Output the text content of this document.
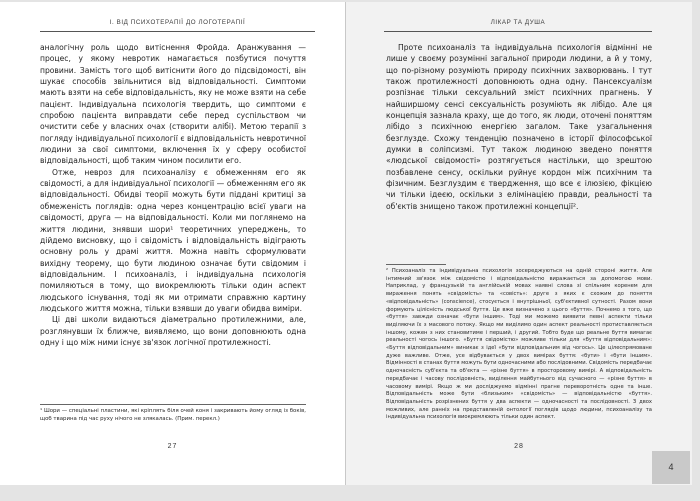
І. ВІД ПСИХОТЕРАПІЇ ДО ЛОГОТЕРАПІЇ

аналогічну роль щодо витіснення Фройда. Аранжування — процес, у якому невротик намагається позбутися почуття провини. Замість того щоб витіснити його до підсвідомості, він шукає способів звільнитися від відповідальності. Симптоми мають взяти на себе відповідальність, яку не може взяти на себе пацієнт. Індивідуальна психологія твердить, що симптоми є спробою пацієнта виправдати себе перед суспільством чи очистити себе у власних очах (створити алібі). Метою терапії з погляду індивідуальної психології є відповідальність невротичної людини за свої симптоми, включення їх у сферу особистої відповідальності, щоб таким чином посилити его.

Отже, невроз для психоаналізу є обмеженням его як свідомості, а для індивідуальної психології — обмеженням его як відповідальності. Обидві теорії можуть бути піддані критиці за обмеженість поглядів: одна через концентрацію всієї уваги на свідомості, друга — на відповідальності. Коли ми поглянемо на життя людини, знявши шори¹ теоретичних упереджень, то дійдемо висновку, що і свідомість і відповідальність відіграють основну роль у драмі життя. Можна навіть сформулювати вихідну теорему, що бути людиною означає бути свідомим і відповідальним. І психоаналіз, і індивідуальна психологія помиляються в тому, що виокремлюють тільки один аспект людського існування, тоді як ми отримати справжню картину людського життя можна, тільки взявши до уваги обидва виміри.

Ці дві школи видаються діаметрально протилежними, але, розглянувши їх ближче, виявляємо, що вони доповнюють одна одну і що між ними існує зв'язок логічної протилежності.

¹ Шори — спеціальні пластини, які кріплять біля очей коня і закривають йому огляд із боків, щоб тварина під час руху нічого не злякалась. (Прим. перекл.)
27
ЛІКАР ТА ДУША

Проте психоаналіз та індивідуальна психологія відмінні не лише у своєму розумінні загальної природи людини, а й у тому, що по-різному розуміють природу психічних захворювань. І тут також протилежності доповнюють одна одну. Пансексуалізм розпізнає тільки сексуальний зміст психічних прагнень. У найширшому сенсі сексуальність розуміють як лібідо. Але ця концепція зазнала краху, ще до того, як люди, оточені поняттям лібідо з психічною енергією загалом. Таке узагальнення безглузде. Схожу тенденцію позначено в історії філософської думки в соліпсизмі. Тут також людиною зведено поняття «людської свідомості» розтягується настільки, що зрештою позбавлене сенсу, оскільки руйнує кордон між психічним та фізичним. Безглуздим є твердження, що все є ілюзією, фікцією чи тільки ідеєю, оскільки з елімінацією правди, реальності та об'єктів знищено також протилежні концепції².

² Психоаналіз та індивідуальна психологія зосереджуються на одній стороні життя. Але інтимний зв'язок між свідомістю і відповідальністю виражається за допомогою мови. Наприклад, у французькій та англійській мовах наявні слова зі спільним коренем для вираження понять «свідомість» та «совість»: друге з яких є схожим до поняття «відповідальність» (conscience), стосується і внутрішньої, суб'єктивної сутності. Разом вони формують цілісність людської буття. Це вже визначено з цього «буття». Почнемо з того, що «буття» завжди означає «бути іншим». Тоді ми можемо виявити певні аспекти тільки виділяючи їх з масового потоку. Якщо ми виділимо один аспект реальності протиставляється іншому, кожен з них становитиме і перший, і другий. Тобто буде що реальне буття вимагає реальності чогось іншого. «Буття свідомістю» можливе тільки для «буття відповідальним»: «Буття відповідальним» виникає з ідеї «бути відповідальним від чогось». Це цілеспрямоване дуже важливе. Отже, усе відбувається у двох вимірах буття: «бути» і «бути іншим». Відмінності в станах буття можуть бути одночасними або послідовними. Свідомість передбачає одночасність суб'єкта та об'єкта — «різне буття» в просторовому вимірі. А відповідальність передбачає і часову послідовність, виділення майбутнього від сучасного — «різне буття» в часовому вимірі. Якщо ж ми досліджуємо відмінні прагне переворотність одне та інше. Відповідальність може бути «близьким» «свідомість» — відповідальністю «буття». Відповідальність розрізнених буття у два аспекти — одночасності та послідовності. З двох можливих, але ранніх на представленій онтології поглядів щодо людини, психоаналізу та індивідуальна психологія виокремлюють тільки один аспект.
28
4
